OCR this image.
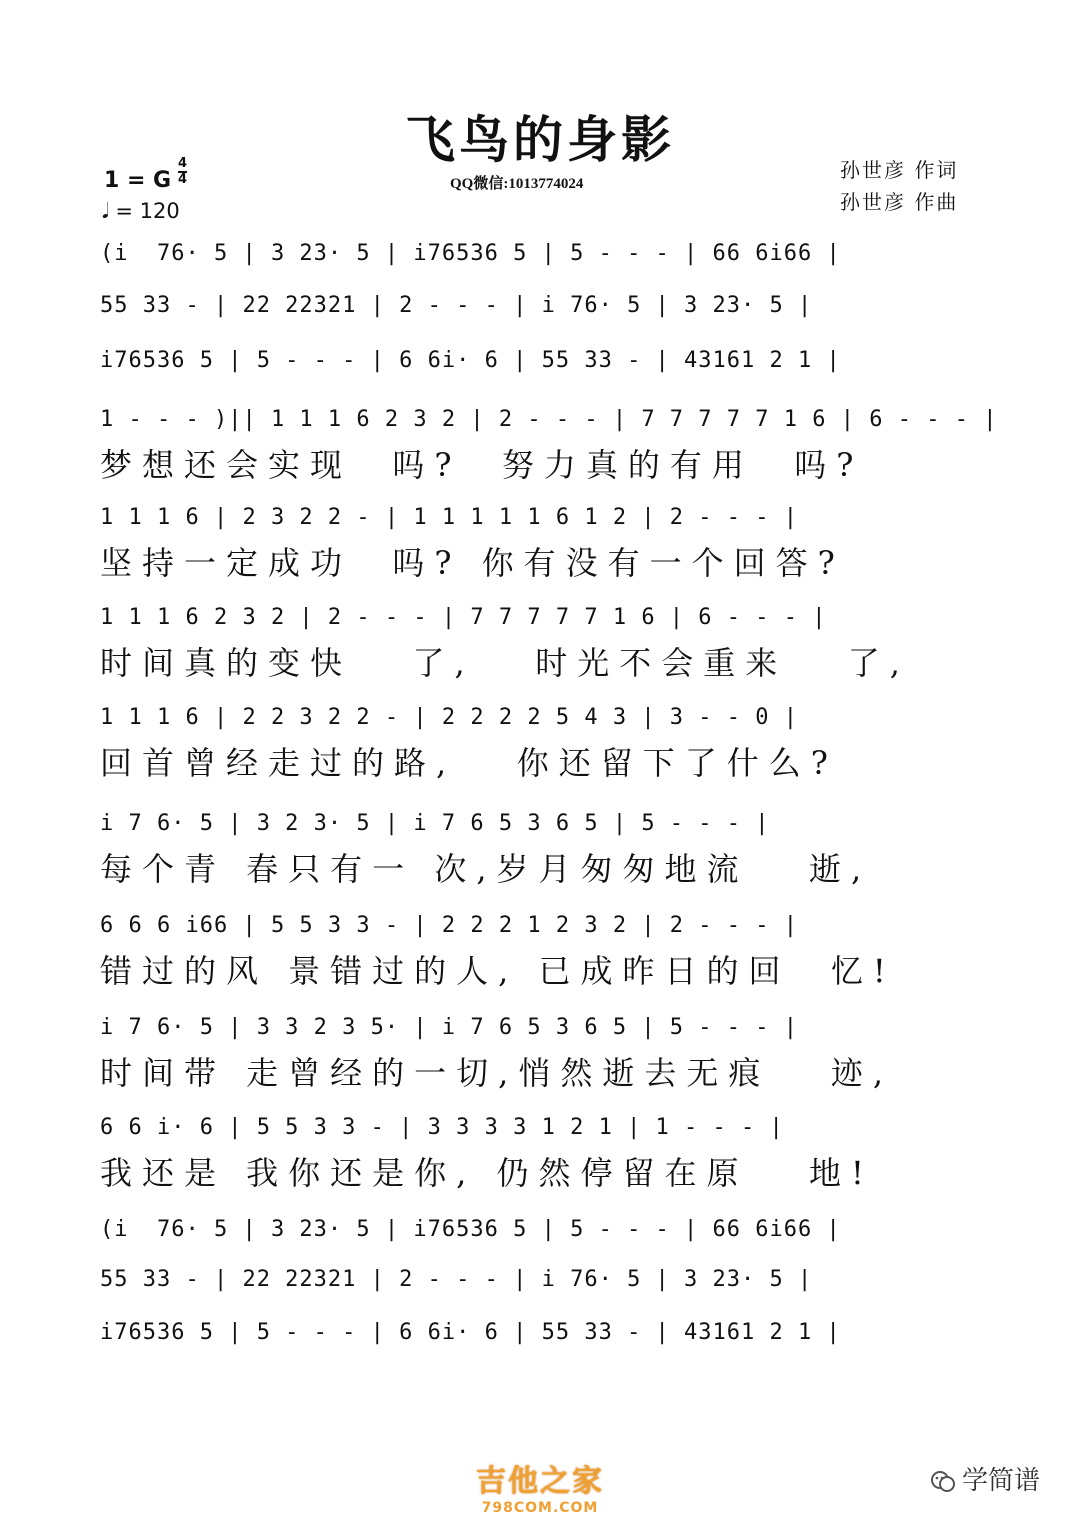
飞鸟的身影
QQ微信:1013774024
1 = G $\frac{4}{4}$
𝅘𝅥 = 120
孙世彦 作词
孙世彦 作曲
(i  76· 5 | 3 23· 5 | i76536 5 | 5 - - - | 66 6i66 |
55 33 - | 22 22321 | 2 - - - | i 76· 5 | 3 23· 5 |
i76536 5 | 5 - - - | 6 6i· 6 | 55 33 - | 43161 2 1 |
1 - - - )|| 1 1 1 6 2 3 2 | 2 - - - | 7 7 7 7 7 1 6 | 6 - - - |
梦想还会实现  吗?  努力真的有用  吗?
1 1 1 6 | 2 3 2 2 - | 1 1 1 1 1 6 1 2 | 2 - - - |
坚持一定成功  吗? 你有没有一个回答?
1 1 1 6 2 3 2 | 2 - - - | 7 7 7 7 7 1 6 | 6 - - - |
时间真的变快   了,   时光不会重来   了,
1 1 1 6 | 2 2 3 2 2 - | 2 2 2 2 5 4 3 | 3 - - 0 |
回首曾经走过的路,   你还留下了什么?
i 7 6· 5 | 3 2 3· 5 | i 7 6 5 3 6 5 | 5 - - - |
每个青 春只有一 次,岁月匆匆地流   逝,
6 6 6 i66 | 5 5 3 3 - | 2 2 2 1 2 3 2 | 2 - - - |
错过的风 景错过的人, 已成昨日的回  忆!
i 7 6· 5 | 3 3 2 3 5· | i 7 6 5 3 6 5 | 5 - - - |
时间带 走曾经的一切,悄然逝去无痕   迹,
6 6 i· 6 | 5 5 3 3 - | 3 3 3 3 1 2 1 | 1 - - - |
我还是 我你还是你, 仍然停留在原   地!
(i  76· 5 | 3 23· 5 | i76536 5 | 5 - - - | 66 6i66 |
55 33 - | 22 22321 | 2 - - - | i 76· 5 | 3 23· 5 |
i76536 5 | 5 - - - | 6 6i· 6 | 55 33 - | 43161 2 1 |
吉他之家
798COM.COM
学简谱
